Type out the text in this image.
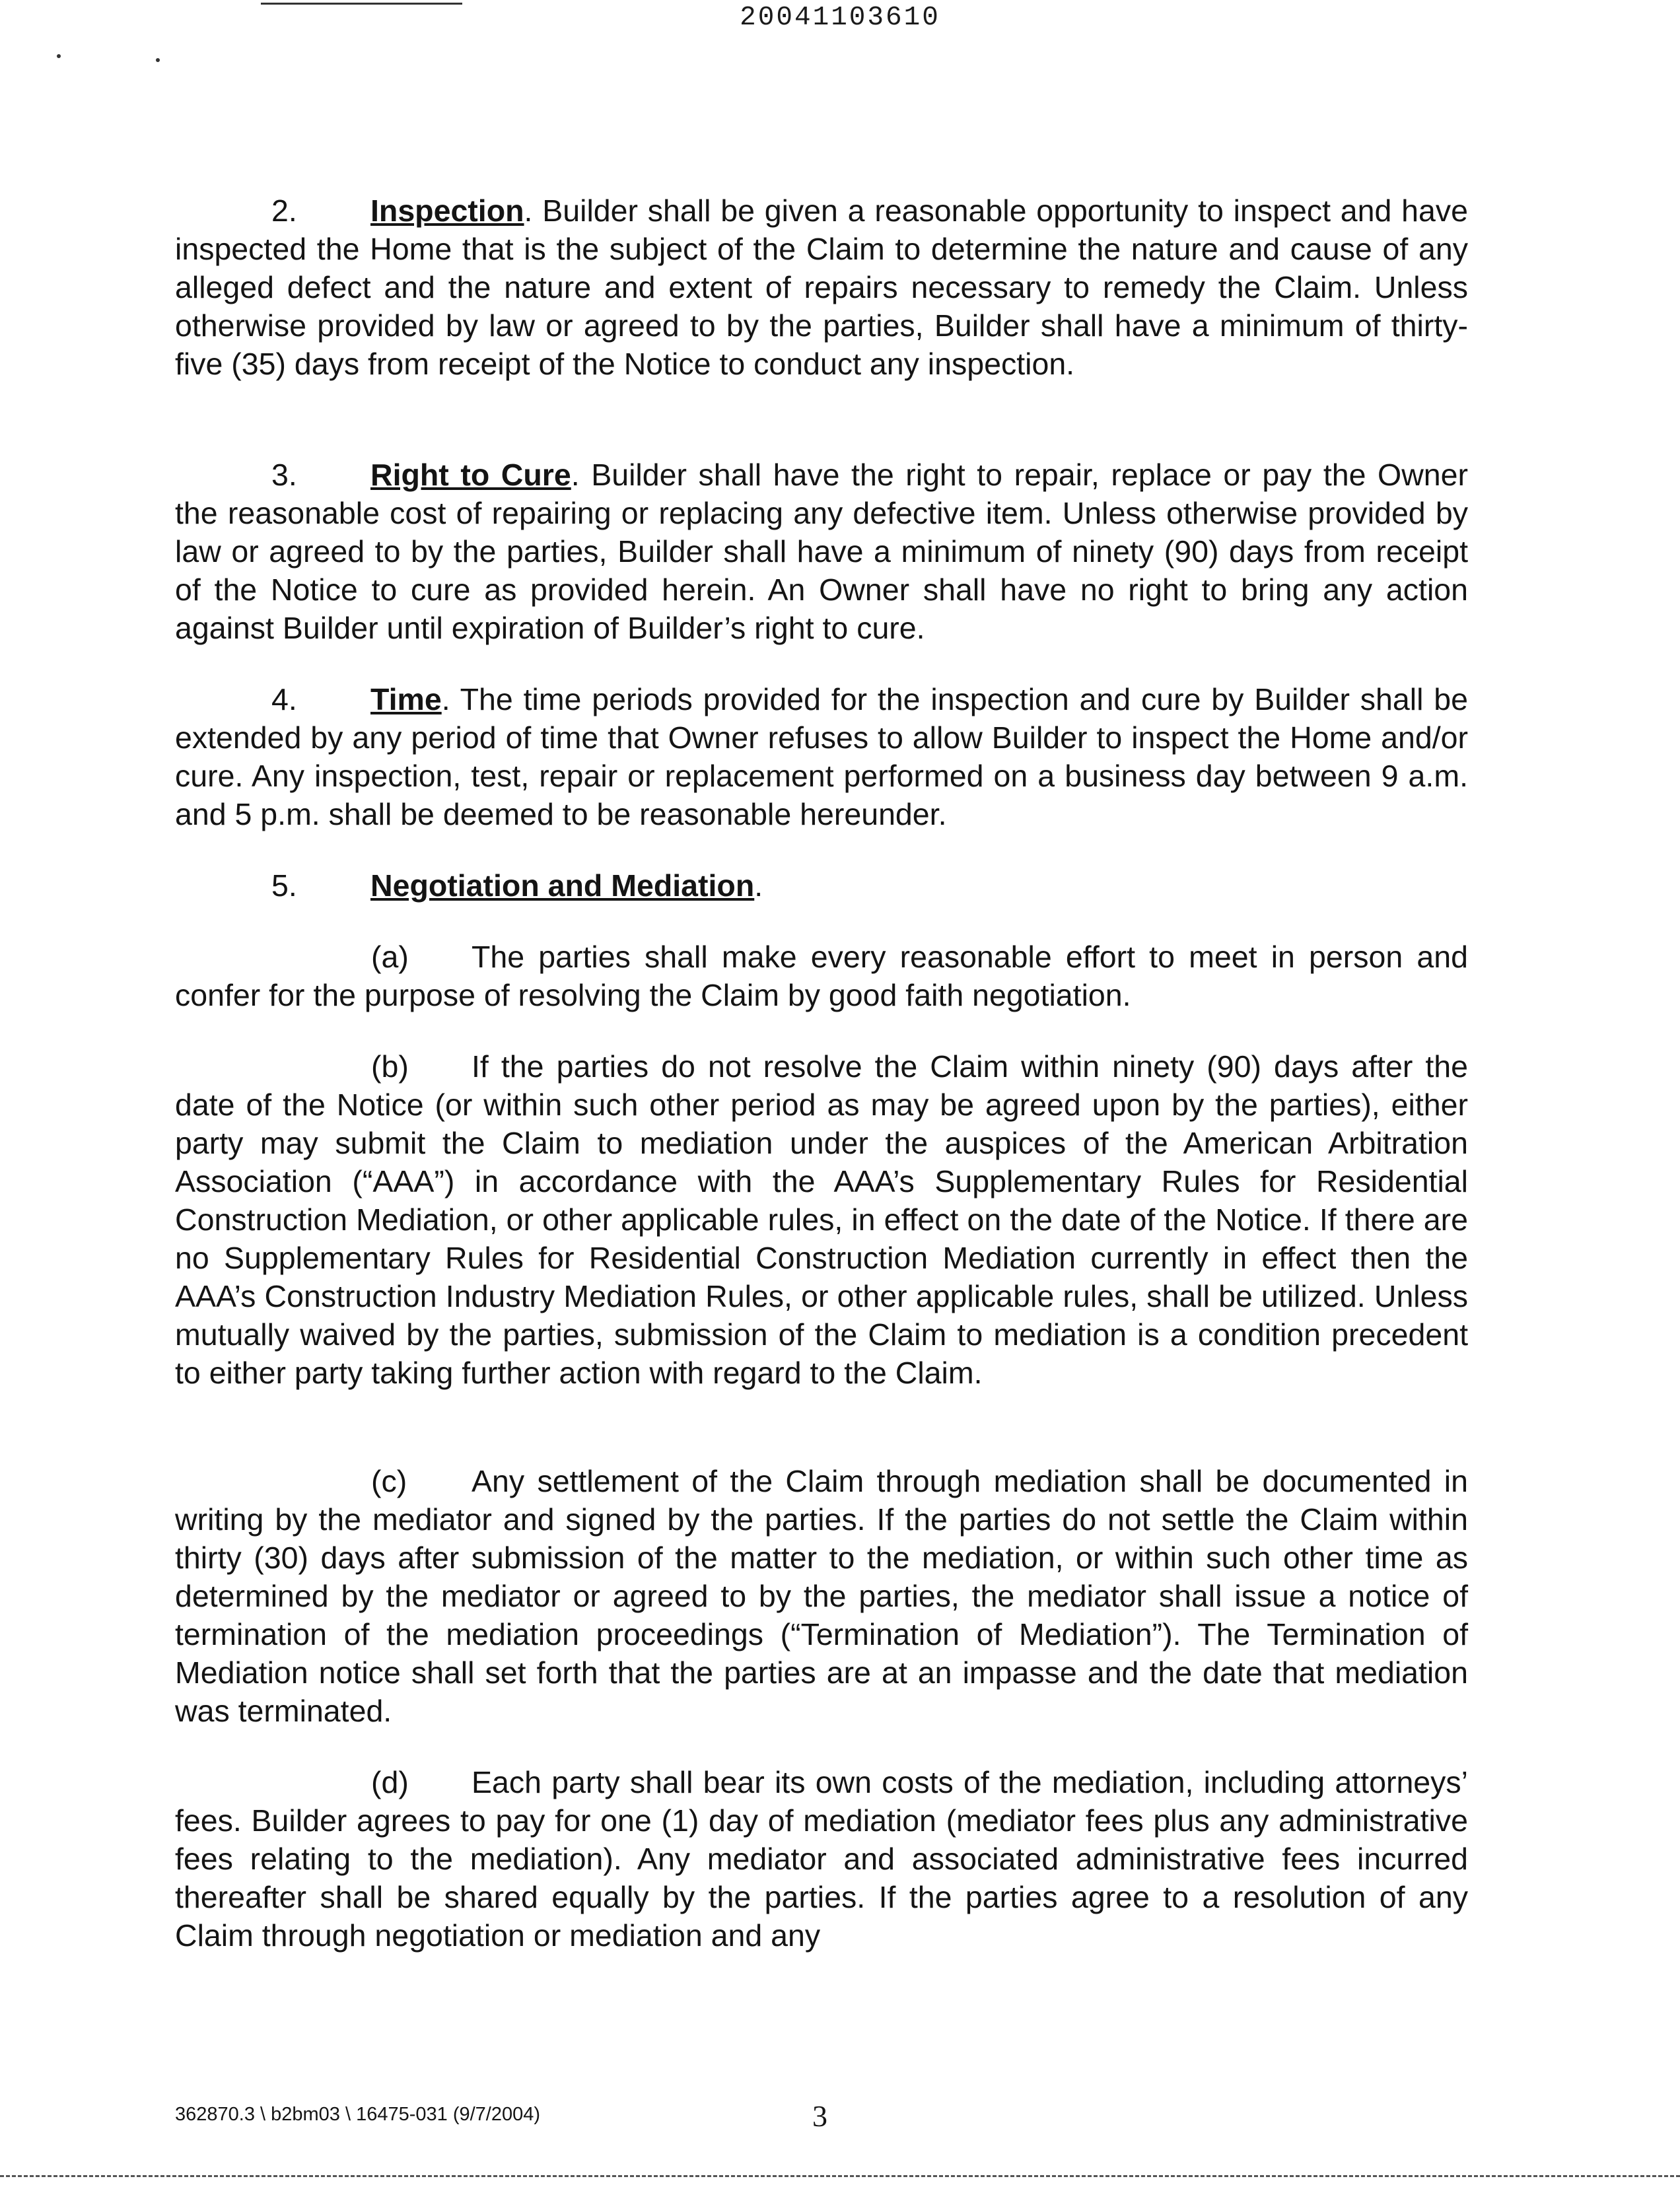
20041103610

2. Inspection. Builder shall be given a reasonable opportunity to inspect and have inspected the Home that is the subject of the Claim to determine the nature and cause of any alleged defect and the nature and extent of repairs necessary to remedy the Claim. Unless otherwise provided by law or agreed to by the parties, Builder shall have a minimum of thirty-five (35) days from receipt of the Notice to conduct any inspection.

3. Right to Cure. Builder shall have the right to repair, replace or pay the Owner the reasonable cost of repairing or replacing any defective item. Unless otherwise provided by law or agreed to by the parties, Builder shall have a minimum of ninety (90) days from receipt of the Notice to cure as provided herein. An Owner shall have no right to bring any action against Builder until expiration of Builder’s right to cure.

4. Time. The time periods provided for the inspection and cure by Builder shall be extended by any period of time that Owner refuses to allow Builder to inspect the Home and/or cure. Any inspection, test, repair or replacement performed on a business day between 9 a.m. and 5 p.m. shall be deemed to be reasonable hereunder.

5. Negotiation and Mediation.

(a) The parties shall make every reasonable effort to meet in person and confer for the purpose of resolving the Claim by good faith negotiation.

(b) If the parties do not resolve the Claim within ninety (90) days after the date of the Notice (or within such other period as may be agreed upon by the parties), either party may submit the Claim to mediation under the auspices of the American Arbitration Association (“AAA”) in accordance with the AAA’s Supplementary Rules for Residential Construction Mediation, or other applicable rules, in effect on the date of the Notice. If there are no Supplementary Rules for Residential Construction Mediation currently in effect then the AAA’s Construction Industry Mediation Rules, or other applicable rules, shall be utilized. Unless mutually waived by the parties, submission of the Claim to mediation is a condition precedent to either party taking further action with regard to the Claim.

(c) Any settlement of the Claim through mediation shall be documented in writing by the mediator and signed by the parties. If the parties do not settle the Claim within thirty (30) days after submission of the matter to the mediation, or within such other time as determined by the mediator or agreed to by the parties, the mediator shall issue a notice of termination of the mediation proceedings (“Termination of Mediation”). The Termination of Mediation notice shall set forth that the parties are at an impasse and the date that mediation was terminated.

(d) Each party shall bear its own costs of the mediation, including attorneys’ fees. Builder agrees to pay for one (1) day of mediation (mediator fees plus any administrative fees relating to the mediation). Any mediator and associated administrative fees incurred thereafter shall be shared equally by the parties. If the parties agree to a resolution of any Claim through negotiation or mediation and any

362870.3 \ b2bm03 \ 16475-031 (9/7/2004)	3
